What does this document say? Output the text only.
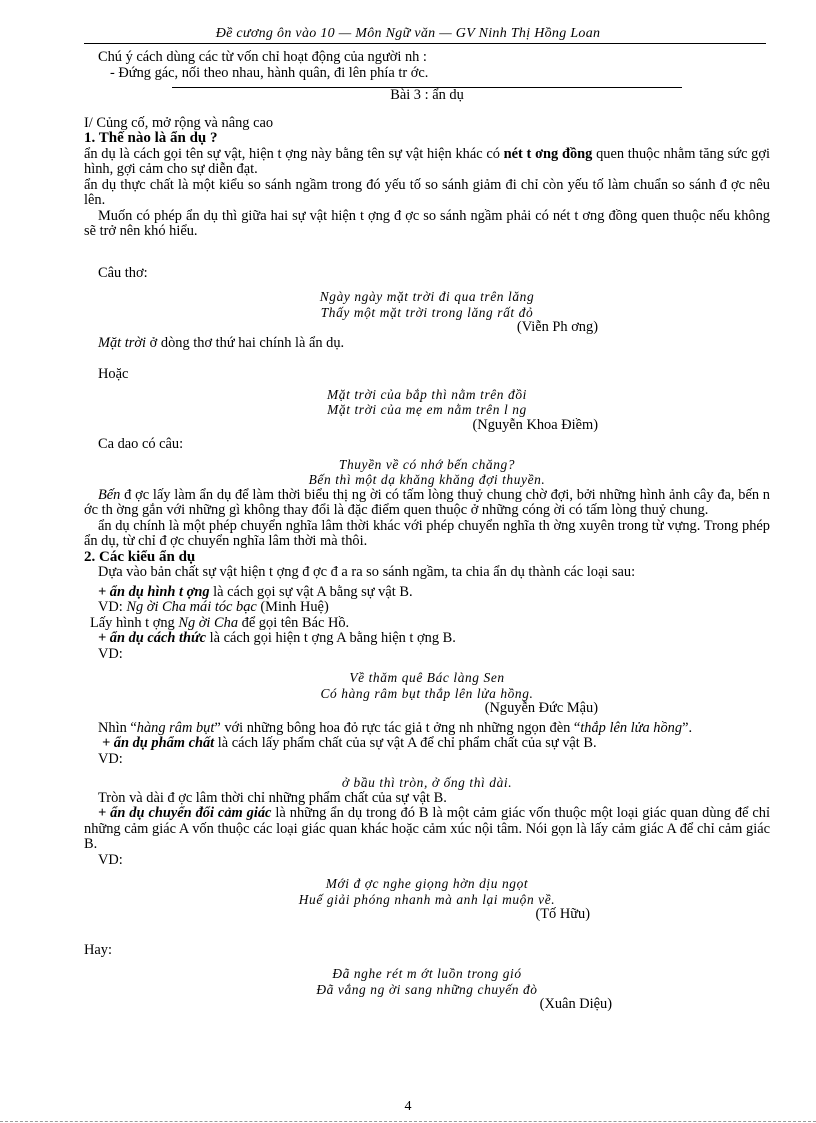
Đề cương ôn vào 10 — Môn Ngữ văn — GV Ninh Thị Hồng Loan

Chú ý cách dùng các từ vốn chỉ hoạt động của người nh :

- Đứng gác, nối theo nhau, hành quân, đi lên phía tr ớc.

Bài 3 : ẩn dụ

I/ Củng cố, mở rộng và nâng cao

1. Thế nào là ẩn dụ ?

ẩn dụ là cách gọi tên sự vật, hiện t ợng này bằng tên sự vật hiện khác có nét t ơng đồng quen thuộc nhằm tăng sức gợi hình, gợi cảm cho sự diễn đạt.

ẩn dụ thực chất là một kiểu so sánh ngầm trong đó yếu tố so sánh giảm đi chỉ còn yếu tố làm chuẩn so sánh đ ợc nêu lên.

Muốn có phép ẩn dụ thì giữa hai sự vật hiện t ợng đ ợc so sánh ngầm phải có nét t ơng đồng quen thuộc nếu không sẽ trở nên khó hiểu.

Câu thơ:

Ngày ngày mặt trời đi qua trên lăng

Thấy một mặt trời trong lăng rất đỏ

(Viễn Ph ơng)

Mặt trời ở dòng thơ thứ hai chính là ẩn dụ.

Hoặc

Mặt trời của bắp thì nằm trên đồi

Mặt trời của mẹ em nằm trên l ng

(Nguyễn Khoa Điềm)

Ca dao có câu:

Thuyền về có nhớ bến chăng?

Bến thì một dạ khăng khăng đợi thuyền.

Bến đ ợc lấy làm ẩn dụ để làm thời biểu thị ng ời có tấm lòng thuỷ chung chờ đợi, bởi những hình ảnh cây đa, bến n ớc th ờng gắn với những gì không thay đổi là đặc điểm quen thuộc ở những cóng ời có tấm lòng thuỷ chung.

ẩn dụ chính là một phép chuyển nghĩa lâm thời khác với phép chuyển nghĩa th ờng xuyên trong từ vựng. Trong phép ẩn dụ, từ chỉ đ ợc chuyển nghĩa lâm thời mà thôi.

2. Các kiểu ẩn dụ

Dựa vào bản chất sự vật hiện t ợng đ ợc đ a ra so sánh ngầm, ta chia ẩn dụ thành các loại sau:

+ ẩn dụ hình t ợng là cách gọi sự vật A bằng sự vật B.

VD: Ng ời Cha mái tóc bạc (Minh Huệ)

Lấy hình t ợng Ng ời Cha để gọi tên Bác Hồ.

+ ẩn dụ cách thức là cách gọi hiện t ợng A bằng hiện t ợng B.

VD:

Về thăm quê Bác làng Sen

Có hàng râm bụt thắp lên lửa hồng.

(Nguyễn Đức Mậu)

Nhìn “hàng râm bụt” với những bông hoa đỏ rực tác giả t ởng nh những ngọn đèn “thắp lên lửa hồng”.

+ ẩn dụ phẩm chất là cách lấy phẩm chất của sự vật A để chỉ phẩm chất của sự vật B.

VD:

ở bầu thì tròn, ở ống thì dài.

Tròn và dài đ ợc lâm thời chỉ những phẩm chất của sự vật B.

+ ẩn dụ chuyển đổi cảm giác là những ẩn dụ trong đó B là một cảm giác vốn thuộc một loại giác quan dùng để chỉ những cảm giác A vốn thuộc các loại giác quan khác hoặc cảm xúc nội tâm. Nói gọn là lấy cảm giác A để chỉ cảm giác B.

VD:

Mới đ ợc nghe giọng hờn dịu ngọt

Huế giải phóng nhanh mà anh lại muộn về.

(Tố Hữu)

Hay:

Đã nghe rét m ớt luồn trong gió

Đã vắng ng ời sang những chuyến đò

(Xuân Diệu)

4
